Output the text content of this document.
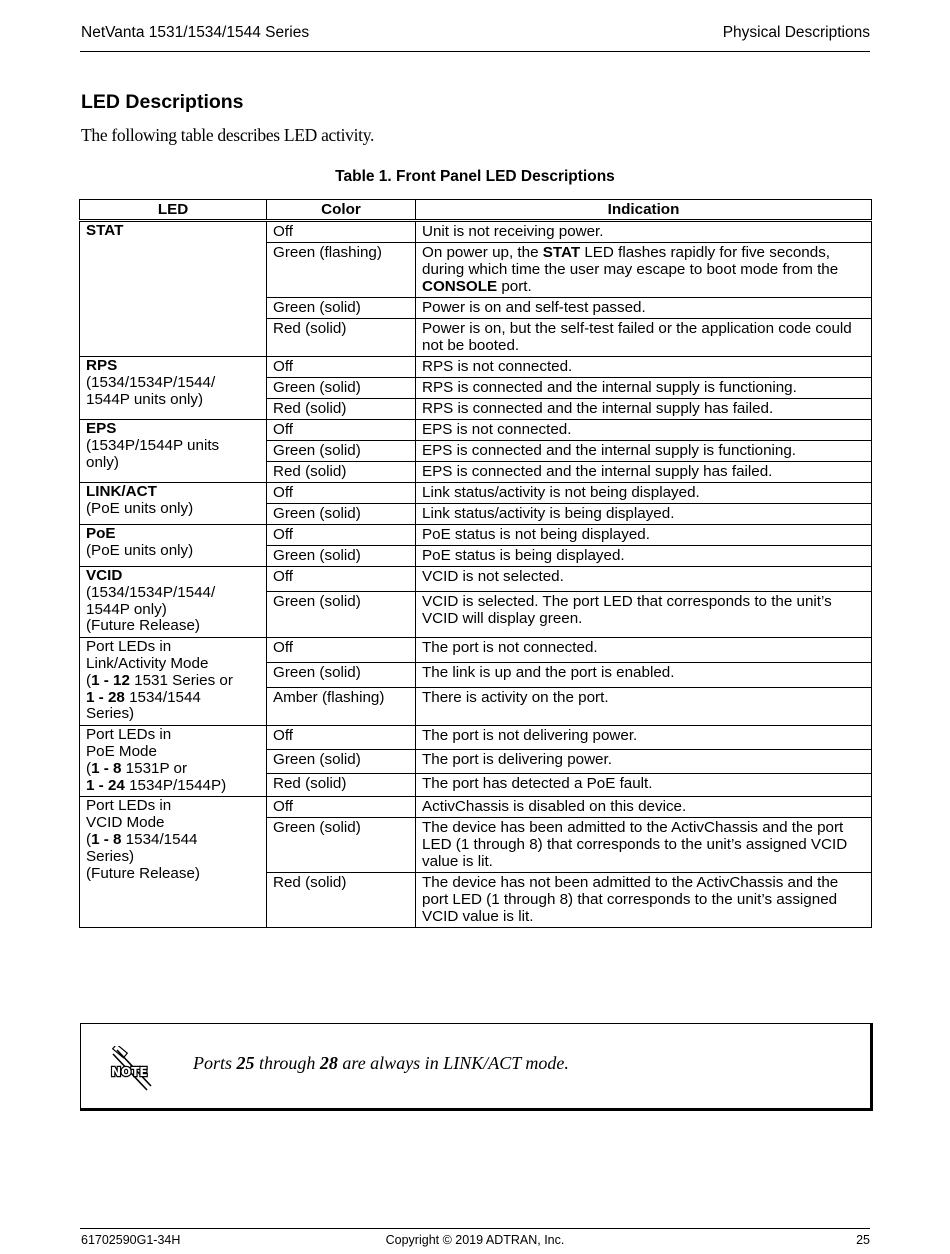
NetVanta 1531/1534/1544 Series	Physical Descriptions
LED Descriptions
The following table describes LED activity.
Table 1. Front Panel LED Descriptions
LED	Color	Indication

STAT	Off	Unit is not receiving power.
	Green (flashing)	On power up, the STAT LED flashes rapidly for five seconds, during which time the user may escape to boot mode from the CONSOLE port.
	Green (solid)	Power is on and self-test passed.
	Red (solid)	Power is on, but the self-test failed or the application code could not be booted.

RPS
(1534/1534P/1544/
1544P units only)	Off	RPS is not connected.
	Green (solid)	RPS is connected and the internal supply is functioning.
	Red (solid)	RPS is connected and the internal supply has failed.

EPS
(1534P/1544P units
only)	Off	EPS is not connected.
	Green (solid)	EPS is connected and the internal supply is functioning.
	Red (solid)	EPS is connected and the internal supply has failed.

LINK/ACT
(PoE units only)	Off	Link status/activity is not being displayed.
	Green (solid)	Link status/activity is being displayed.

PoE
(PoE units only)	Off	PoE status is not being displayed.
	Green (solid)	PoE status is being displayed.

VCID
(1534/1534P/1544/
1544P only)
(Future Release)	Off	VCID is not selected.
	Green (solid)	VCID is selected. The port LED that corresponds to the unit’s VCID will display green.

Port LEDs in
Link/Activity Mode
(1 - 12 1531 Series or
1 - 28 1534/1544
Series)	Off	The port is not connected.
	Green (solid)	The link is up and the port is enabled.
	Amber (flashing)	There is activity on the port.

Port LEDs in
PoE Mode
(1 - 8 1531P or
1 - 24 1534P/1544P)	Off	The port is not delivering power.
	Green (solid)	The port is delivering power.
	Red (solid)	The port has detected a PoE fault.

Port LEDs in
VCID Mode
(1 - 8 1534/1544
Series)
(Future Release)	Off	ActivChassis is disabled on this device.
	Green (solid)	The device has been admitted to the ActivChassis and the port LED (1 through 8) that corresponds to the unit’s assigned VCID value is lit.
	Red (solid)	The device has not been admitted to the ActivChassis and the port LED (1 through 8) that corresponds to the unit’s assigned VCID value is lit.
NOTE	Ports 25 through 28 are always in LINK/ACT mode.
61702590G1-34H	Copyright © 2019 ADTRAN, Inc.	25
